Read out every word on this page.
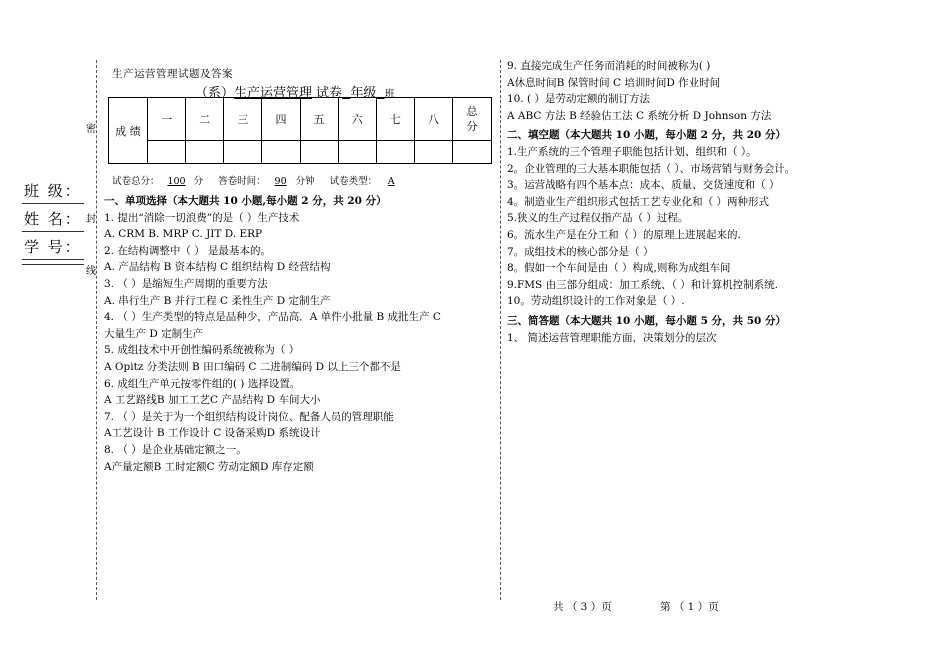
密
封
线
班 级：
姓 名：
学 号：
生产运营管理试题及答案
（系）生产运营管理 试卷 年级 班
成 绩	一	二	三	四	五	六	七	八	总分

试卷总分： 100 分 答卷时间： 90 分钟 试卷类型： A
一、单项选择（本大题共 10 小题,每小题 2 分，共 20 分）
1. 提出“消除一切浪费”的是（ ）生产技术
A. CRM B. MRP C. JIT D. ERP
2. 在结构调整中（ ） 是最基本的。
A. 产品结构 B 资本结构 C 组织结构 D 经营结构
3. （ ）是缩短生产周期的重要方法
A. 串行生产 B 并行工程 C 柔性生产 D 定制生产
4. （ ）生产类型的特点是品种少，产品高．A 单件小批量 B 成批生产 C
大量生产 D 定制生产
5. 成组技术中开创性编码系统被称为（ ）
A Opitz 分类法则 B 田口编码 C 二进制编码 D 以上三个都不是
6. 成组生产单元按零件组的( ) 选择设置。
A 工艺路线B 加工工艺C 产品结构 D 车间大小
7. （ ）是关于为一个组织结构设计岗位、配备人员的管理职能
A工艺设计 B 工作设计 C 设备采购D 系统设计
8. （ ）是企业基础定额之一。
A产量定额B 工时定额C 劳动定额D 库存定额
9. 直接完成生产任务而消耗的时间被称为( )
A休息时间B 保管时间 C 培训时间D 作业时间
10. ( ）是劳动定额的制订方法
A ABC 方法 B 经验估工法 C 系统分析 D Johnson 方法
二、填空题（本大题共 10 小题，每小题 2 分，共 20 分）
1.生产系统的三个管理子职能包括计划、组织和（ ）。
2。企业管理的三大基本职能包括（ ）、市场营销与财务会计。
3。运营战略有四个基本点：成本、质量、交货速度和（ ）
4。制造业生产组织形式包括工艺专业化和（ ）两种形式
5.狭义的生产过程仅指产品（ ）过程。
6。流水生产是在分工和（ ）的原理上进展起来的.
7。成组技术的核心部分是（ ）
8。假如一个车间是由（ ）构成,则称为成组车间
9.FMS 由三部分组成：加工系统、（ ）和计算机控制系统.
10。劳动组织设计的工作对象是（ ）.
三、简答题（本大题共 10 小题，每小题 5 分，共 50 分）
1、 简述运营管理职能方面，决策划分的层次
共 （ 3 ）页	第 （ 1 ）页
